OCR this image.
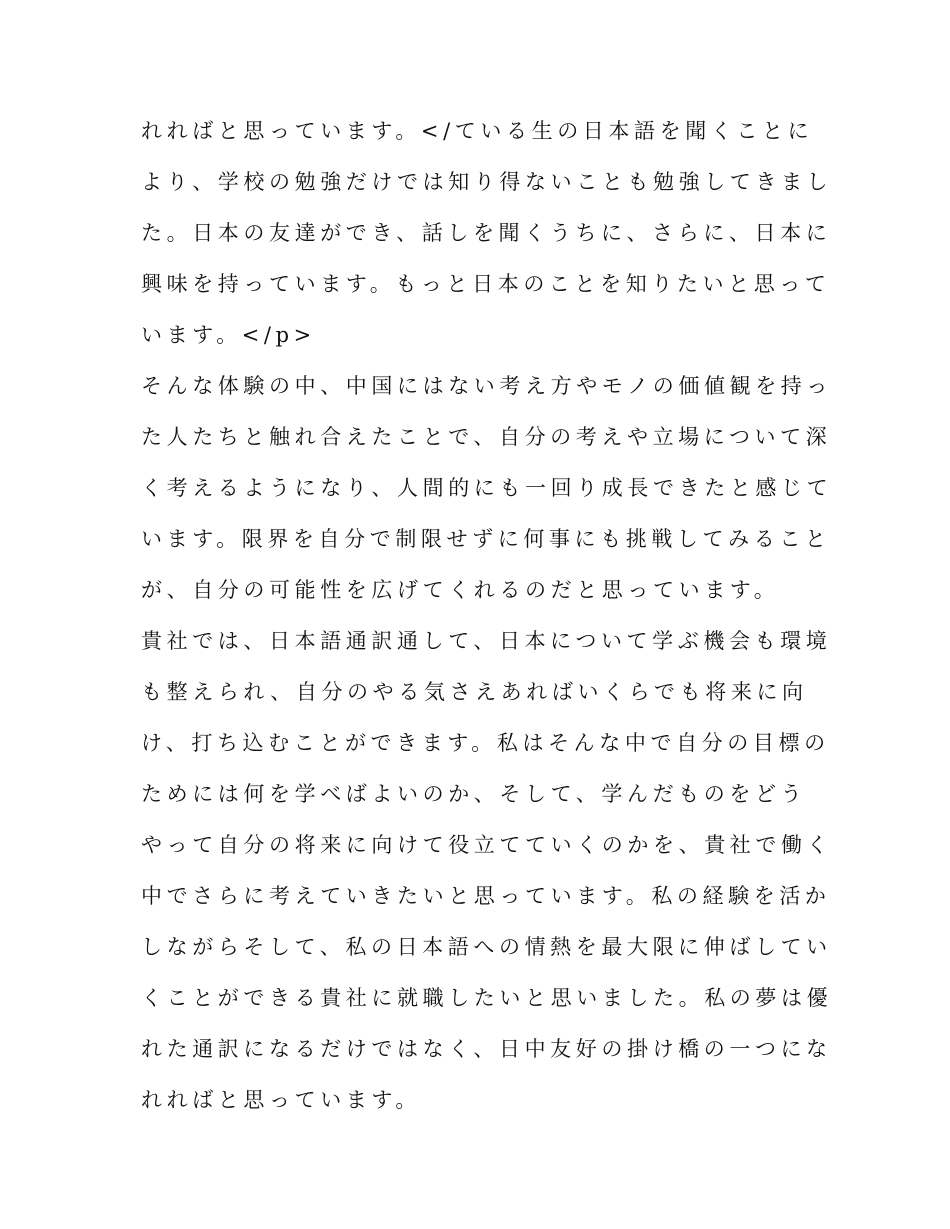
れればと思っています。</ている生の日本語を聞くことに
より、学校の勉強だけでは知り得ないことも勉強してきまし
た。日本の友達ができ、話しを聞くうちに、さらに、日本に
興味を持っています。もっと日本のことを知りたいと思って
います。</p>
そんな体験の中、中国にはない考え方やモノの価値観を持っ
た人たちと触れ合えたことで、自分の考えや立場について深
く考えるようになり、人間的にも一回り成長できたと感じて
います。限界を自分で制限せずに何事にも挑戦してみること
が、自分の可能性を広げてくれるのだと思っています。
貴社では、日本語通訳通して、日本について学ぶ機会も環境
も整えられ、自分のやる気さえあればいくらでも将来に向
け、打ち込むことができます。私はそんな中で自分の目標の
ためには何を学べばよいのか、そして、学んだものをどう
やって自分の将来に向けて役立てていくのかを、貴社で働く
中でさらに考えていきたいと思っています。私の経験を活か
しながらそして、私の日本語への情熱を最大限に伸ばしてい
くことができる貴社に就職したいと思いました。私の夢は優
れた通訳になるだけではなく、日中友好の掛け橋の一つにな
れればと思っています。
